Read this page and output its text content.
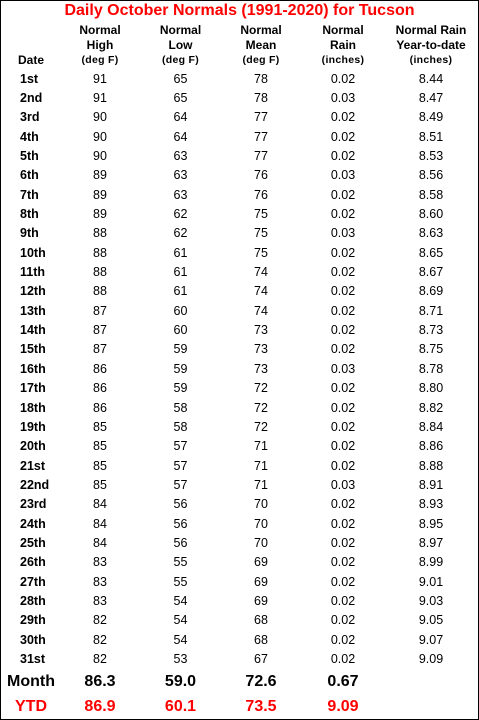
Daily October Normals (1991-2020) for Tucson
Date
Normal
High
(deg F)
Normal
Low
(deg F)
Normal
Mean
(deg F)
Normal
Rain
(inches)
Normal Rain
Year-to-date
(inches)
1st	91	65	78	0.02	8.44
2nd	91	65	78	0.03	8.47
3rd	90	64	77	0.02	8.49
4th	90	64	77	0.02	8.51
5th	90	63	77	0.02	8.53
6th	89	63	76	0.03	8.56
7th	89	63	76	0.02	8.58
8th	89	62	75	0.02	8.60
9th	88	62	75	0.03	8.63
10th	88	61	75	0.02	8.65
11th	88	61	74	0.02	8.67
12th	88	61	74	0.02	8.69
13th	87	60	74	0.02	8.71
14th	87	60	73	0.02	8.73
15th	87	59	73	0.02	8.75
16th	86	59	73	0.03	8.78
17th	86	59	72	0.02	8.80
18th	86	58	72	0.02	8.82
19th	85	58	72	0.02	8.84
20th	85	57	71	0.02	8.86
21st	85	57	71	0.02	8.88
22nd	85	57	71	0.03	8.91
23rd	84	56	70	0.02	8.93
24th	84	56	70	0.02	8.95
25th	84	56	70	0.02	8.97
26th	83	55	69	0.02	8.99
27th	83	55	69	0.02	9.01
28th	83	54	69	0.02	9.03
29th	82	54	68	0.02	9.05
30th	82	54	68	0.02	9.07
31st	82	53	67	0.02	9.09
Month	86.3	59.0	72.6	0.67	
YTD	86.9	60.1	73.5	9.09	
